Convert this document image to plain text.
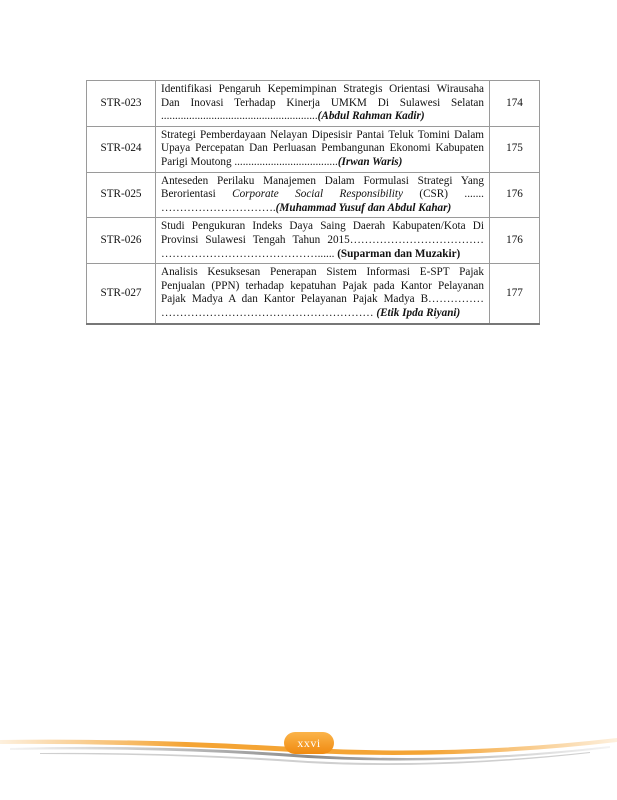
STR-023	Identifikasi Pengaruh Kepemimpinan Strategis Orientasi Wirausaha Dan Inovasi Terhadap Kinerja UMKM Di Sulawesi Selatan ........................................................(Abdul Rahman Kadir)	174
STR-024	Strategi Pemberdayaan Nelayan Dipesisir Pantai Teluk Tomini Dalam Upaya Percepatan Dan Perluasan Pembangunan Ekonomi Kabupaten Parigi Moutong .....................................(Irwan Waris)	175
STR-025	Anteseden Perilaku Manajemen Dalam Formulasi Strategi Yang Berorientasi Corporate Social Responsibility (CSR) ....... ………………………….(Muhammad Yusuf dan Abdul Kahar)	176
STR-026	Studi Pengukuran Indeks Daya Saing Daerah Kabupaten/Kota Di Provinsi Sulawesi Tengah Tahun 2015……………………………… ……………………………………...... (Suparman dan Muzakir)	176
STR-027	Analisis Kesuksesan Penerapan Sistem Informasi E-SPT Pajak Penjualan (PPN) terhadap kepatuhan Pajak pada Kantor Pelayanan Pajak Madya A dan Kantor Pelayanan Pajak Madya B…………… ………………………………………………… (Etik Ipda Riyani)	177
xxvi
